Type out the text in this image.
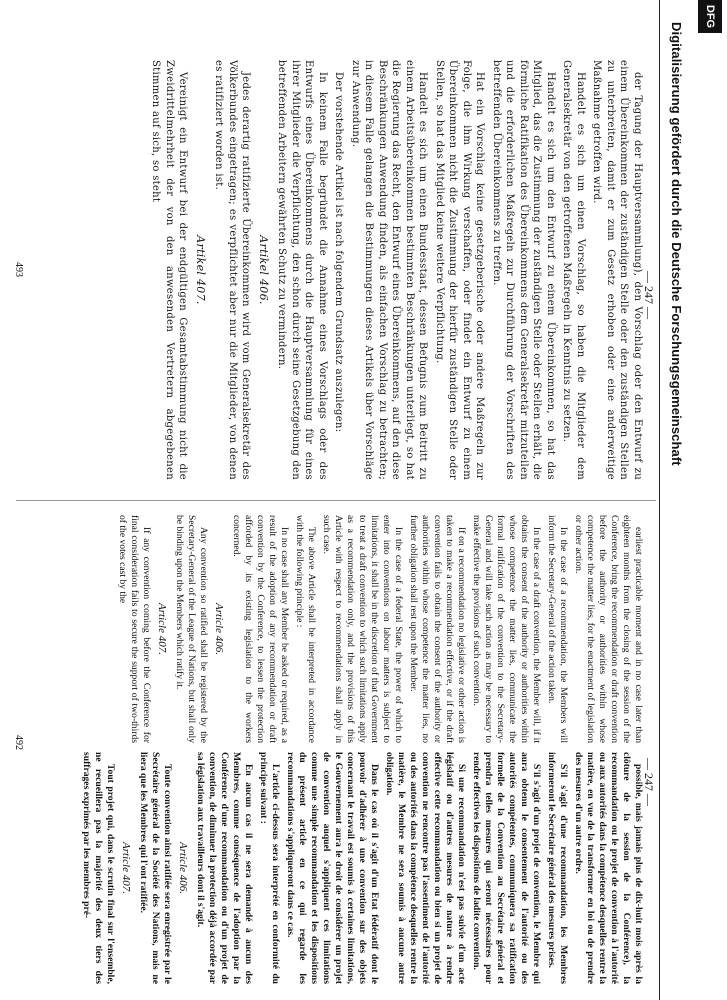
Digitalisierung gefördert durch die Deutsche Forschungsgemeinschaft
— 247 —
493	der Tagung der Hauptversammlung), den Vorschlag oder den Entwurf zu einem Übereinkommen der zuständigen Stelle oder den zuständigen Stellen zu unterbreiten, damit er zum Gesetz erhoben oder eine anderweitige Maßnahme getroffen wird.

Handelt es sich um einen Vorschlag, so haben die Mitglieder dem Generalsekretär von den getroffenen Maßregeln in Kenntnis zu setzen.

Handelt es sich um den Entwurf zu einem Übereinkommen, so hat das Mitglied, das die Zustimmung der zuständigen Stelle oder Stellen erhält, die förmliche Ratifikation des Übereinkommens dem Generalsekretär mitzuteilen und die erforderlichen Maßregeln zur Durchführung der Vorschriften des betreffenden Übereinkommens zu treffen.

Hat ein Vorschlag keine gesetzgeberische oder andere Maßregeln zur Folge, die ihm Wirkung verschaffen, oder findet ein Entwurf zu einem Übereinkommen nicht die Zustimmung der hierfür zuständigen Stelle oder Stellen, so hat das Mitglied keine weitere Verpflichtung.

Handelt es sich um einen Bundesstaat, dessen Befugnis zum Beitritt zu einem Arbeitsübereinkommen bestimmten Beschränkungen unterliegt, so hat die Regierung das Recht, den Entwurf eines Übereinkommens, auf den diese Beschränkungen Anwendung finden, als einfachen Vorschlag zu betrachten; in diesem Falle gelangen die Bestimmungen dieses Artikels über Vorschläge zur Anwendung.

Der vorstehende Artikel ist nach folgendem Grundsatz auszulegen:

In keinem Falle begründet die Annahme eines Vorschlags oder des Entwurfs eines Übereinkommens durch die Hauptversammlung für eines ihrer Mitglieder die Verpflichtung, den schon durch seine Gesetzgebung den betreffenden Arbeitern gewährten Schutz zu vermindern.

Artikel 406.

Jedes derartig ratifizierte Übereinkommen wird vom Generalsekretär des Völkerbundes eingetragen; es verpflichtet aber nur die Mitglieder, von denen es ratifiziert worden ist.

Artikel 407.

Vereinigt ein Entwurf bei der endgültigen Gesamtabstimmung nicht die Zweidrittelmehrheit der von den anwesenden Vertretern abgegebenen Stimmen auf sich, so steht

— 247 —
492	earliest practicable moment and in no case later than eighteen months from the closing of the session of the Conference, bring the recommendation or draft convention before the authority or authorities within whose competence the matter lies, for the enactment of legislation or other action.

In the case of a recommendation, the Members will inform the Secretary-General of the action taken.

In the case of a draft convention, the Member will, if it obtains the consent of the authority or authorities within whose competence the matter lies, communicate the formal ratification of the convention to the Secretary-General and will take such action as may be necessary to make effective the provisions of such convention.

If on a recommendation no legislative or other action is taken to make a recommendation effective, or if the draft convention fails to obtain the consent of the authority or authorities within whose competence the matter lies, no further obligation shall rest upon the Member.

In the case of a federal State, the power of which to enter into conventions on labour matters is subject to limitations, it shall be in the discretion of that Government to treat a draft convention to which such limitations apply as a recommendation only, and the provisions of this Article with respect to recommendations shall apply in such case.

The above Article shall be interpreted in accordance with the following principle :

In no case shall any Member be asked or required, as a result of the adoption of any recommendation or draft convention by the Conference, to lessen the protection afforded by its existing legislation to the workers concerned.

Article 406.

Any convention so ratified shall be registered by the Secretary-General of the League of Nations, but shall only be binding upon the Members which ratify it.

Article 407.

If any convention coming before the Conference for final consideration fails to secure the support of two-thirds of the votes cast by the

possible, mais jamais plus de dix-huit mois après la clôture de la session de la Conférence), la recommandation ou le projet de convention à l'autorité ou aux autorités dans la compétence desquelles rentre la matière, en vue de la transformer en loi ou de prendre des mesures d'un autre ordre.

S'il s'agit d'une recommandation, les Membres informeront le Secrétaire général des mesures prises.

S'il s'agit d'un projet de convention, le Membre qui aura obtenu le consentement de l'autorité ou des autorités compétentes, communiquera sa ratification formelle de la Convention au Secrétaire général et prendra telles mesures qui seront nécessaires pour rendre effectives les dispositions de ladite convention.

Si une recommandation n'est pas suivie d'un acte législatif ou d'autres mesures de nature à rendre effective cette recommandation ou bien si un projet de convention ne rencontre pas l'assentiment de l'autorité ou des autorités dans la compétence desquelles rentre la matière, le Membre ne sera soumis à aucune autre obligation.

Dans le cas où il s'agit d'un Etat fédératif dont le pouvoir d'adhérer à une convention sur des objets concernant le travail est soumis à certaines limitations, le Gouvernement aura le droit de considérer un projet de convention auquel s'appliquent ces limitations comme une simple recommandation et les dispositions du présent article en ce qui regarde les recommandations s'appliqueront dans ce cas.

L'article ci-dessus sera interprété en conformité du principe suivant :

En aucun cas il ne sera demandé à aucun des Membres, comme conséquence de l'adoption par la Conférence d'une recommandation ou d'un projet de convention, de diminuer la protection déjà accordée par sa législation aux travailleurs dont il s'agit.

Article 406.

Toute convention ainsi ratifiée sera enregistrée par le Secrétaire général de la Société des Nations, mais ne liera que les Membres qui l'ont ratifiée.

Article 407.

Tout projet qui, dans le scrutin final sur l'ensemble, ne recueillera pas la majorité des deux tiers des suffrages exprimés par les membres pré-

DFG
